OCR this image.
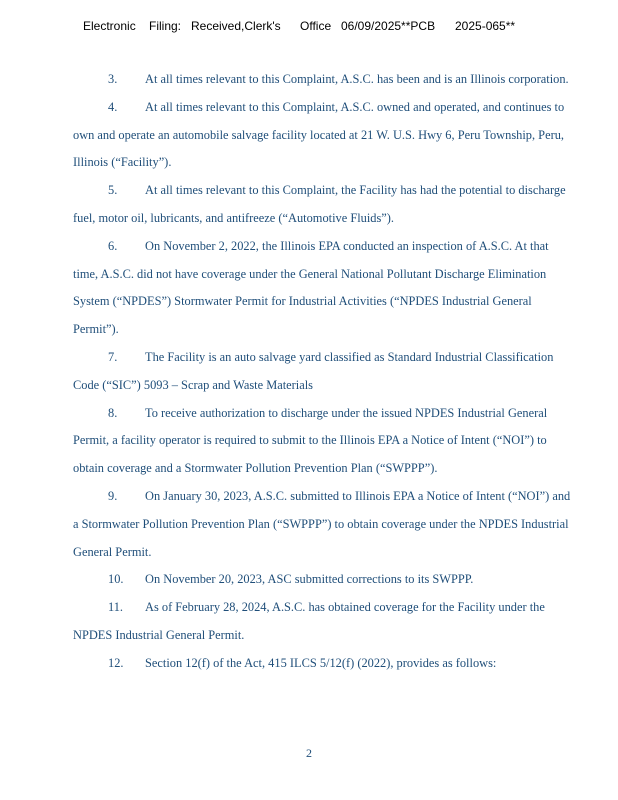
Electronic Filing: Received,Clerk's Office 06/09/2025**PCB 2025-065**

3. At all times relevant to this Complaint, A.S.C. has been and is an Illinois corporation.

4. At all times relevant to this Complaint, A.S.C. owned and operated, and continues to own and operate an automobile salvage facility located at 21 W. U.S. Hwy 6, Peru Township, Peru, Illinois (“Facility”).

5. At all times relevant to this Complaint, the Facility has had the potential to discharge fuel, motor oil, lubricants, and antifreeze (“Automotive Fluids”).

6. On November 2, 2022, the Illinois EPA conducted an inspection of A.S.C. At that time, A.S.C. did not have coverage under the General National Pollutant Discharge Elimination System (“NPDES”) Stormwater Permit for Industrial Activities (“NPDES Industrial General Permit”).

7. The Facility is an auto salvage yard classified as Standard Industrial Classification Code (“SIC”) 5093 – Scrap and Waste Materials

8. To receive authorization to discharge under the issued NPDES Industrial General Permit, a facility operator is required to submit to the Illinois EPA a Notice of Intent (“NOI”) to obtain coverage and a Stormwater Pollution Prevention Plan (“SWPPP”).

9. On January 30, 2023, A.S.C. submitted to Illinois EPA a Notice of Intent (“NOI”) and a Stormwater Pollution Prevention Plan (“SWPPP”) to obtain coverage under the NPDES Industrial General Permit.

10. On November 20, 2023, ASC submitted corrections to its SWPPP.

11. As of February 28, 2024, A.S.C. has obtained coverage for the Facility under the NPDES Industrial General Permit.

12. Section 12(f) of the Act, 415 ILCS 5/12(f) (2022), provides as follows:

2
